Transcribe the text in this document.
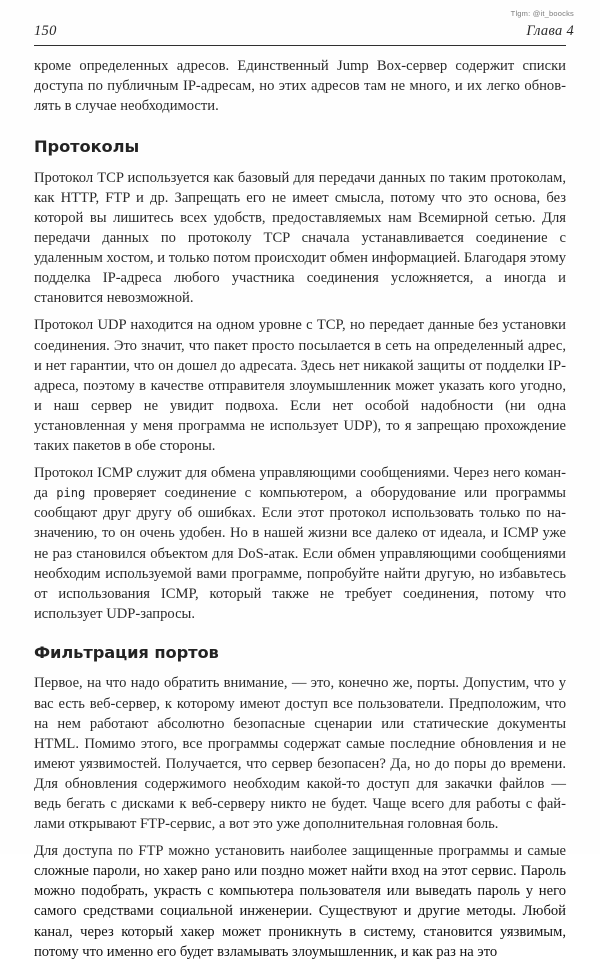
Tlgm: @it_boocks
150	Глава 4

кроме определенных адресов. Единственный Jump Box-сервер содержит списки доступа по публичным IP-адресам, но этих адресов там не много, и их легко обновлять в случае необходимости.

Протоколы

Протокол TCP используется как базовый для передачи данных по таким протоколам, как HTTP, FTP и др. Запрещать его не имеет смысла, потому что это основа, без которой вы лишитесь всех удобств, предоставляемых нам Всемирной сетью. Для передачи данных по протоколу TCP сначала устанавливается соединение с удаленным хостом, и только потом происходит обмен информацией. Благодаря этому подделка IP-адреса любого участника соединения усложняется, а иногда и становится невозможной.

Протокол UDP находится на одном уровне с TCP, но передает данные без установки соединения. Это значит, что пакет просто посылается в сеть на определенный адрес, и нет гарантии, что он дошел до адресата. Здесь нет никакой защиты от подделки IP-адреса, поэтому в качестве отправителя злоумышленник может указать кого угодно, и наш сервер не увидит подвоха. Если нет особой надобности (ни одна установленная у меня программа не использует UDP), то я запрещаю прохождение таких пакетов в обе стороны.

Протокол ICMP служит для обмена управляющими сообщениями. Через него команда ping проверяет соединение с компьютером, а оборудование или программы сообщают друг другу об ошибках. Если этот протокол использовать только по назначению, то он очень удобен. Но в нашей жизни все далеко от идеала, и ICMP уже не раз становился объектом для DoS-атак. Если обмен управляющими сообщениями необходим используемой вами программе, попробуйте найти другую, но избавьтесь от использования ICMP, который также не требует соединения, потому что использует UDP-запросы.

Фильтрация портов

Первое, на что надо обратить внимание, — это, конечно же, порты. Допустим, что у вас есть веб-сервер, к которому имеют доступ все пользователи. Предположим, что на нем работают абсолютно безопасные сценарии или статические документы HTML. Помимо этого, все программы содержат самые последние обновления и не имеют уязвимостей. Получается, что сервер безопасен? Да, но до поры до времени. Для обновления содержимого необходим какой-то доступ для закачки файлов — ведь бегать с дисками к веб-серверу никто не будет. Чаще всего для работы с файлами открывают FTP-сервис, а вот это уже дополнительная головная боль.

Для доступа по FTP можно установить наиболее защищенные программы и самые сложные пароли, но хакер рано или поздно может найти вход на этот сервис. Пароль можно подобрать, украсть с компьютера пользователя или выведать пароль у него самого средствами социальной инженерии. Существуют и другие методы. Любой канал, через который хакер может проникнуть в систему, становится уязвимым, потому что именно его будет взламывать злоумышленник, и как раз на это
